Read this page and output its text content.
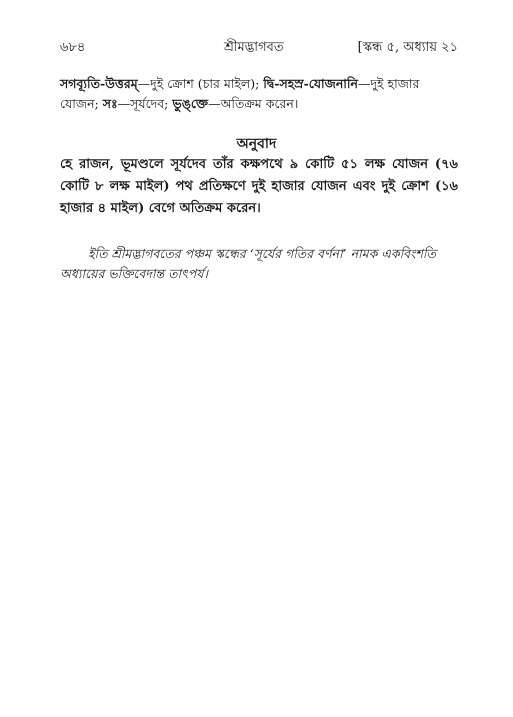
৬৮৪	শ্রীমদ্ভাগবত	[স্কন্ধ ৫, অধ্যায় ২১
সগব্যূতি-উত্তরম্—দুই ক্রোশ (চার মাইল); দ্বি-সহস্র-যোজনানি—দুই হাজার যোজন; সঃ—সূর্যদেব; ভুঙ্‌ক্তে—অতিক্রম করেন।
অনুবাদ
হে রাজন, ভূমণ্ডলে সূর্যদেব তাঁর কক্ষপথে ৯ কোটি ৫১ লক্ষ যোজন (৭৬ কোটি ৮ লক্ষ মাইল) পথ প্রতিক্ষণে দুই হাজার যোজন এবং দুই ক্রোশ (১৬ হাজার ৪ মাইল) বেগে অতিক্রম করেন।
ইতি শ্রীমদ্ভাগবতের পঞ্চম স্কন্ধের ‘সূর্যের গতির বর্ণনা’ নামক একবিংশতি অধ্যায়ের ভক্তিবেদান্ত তাৎপর্য।
